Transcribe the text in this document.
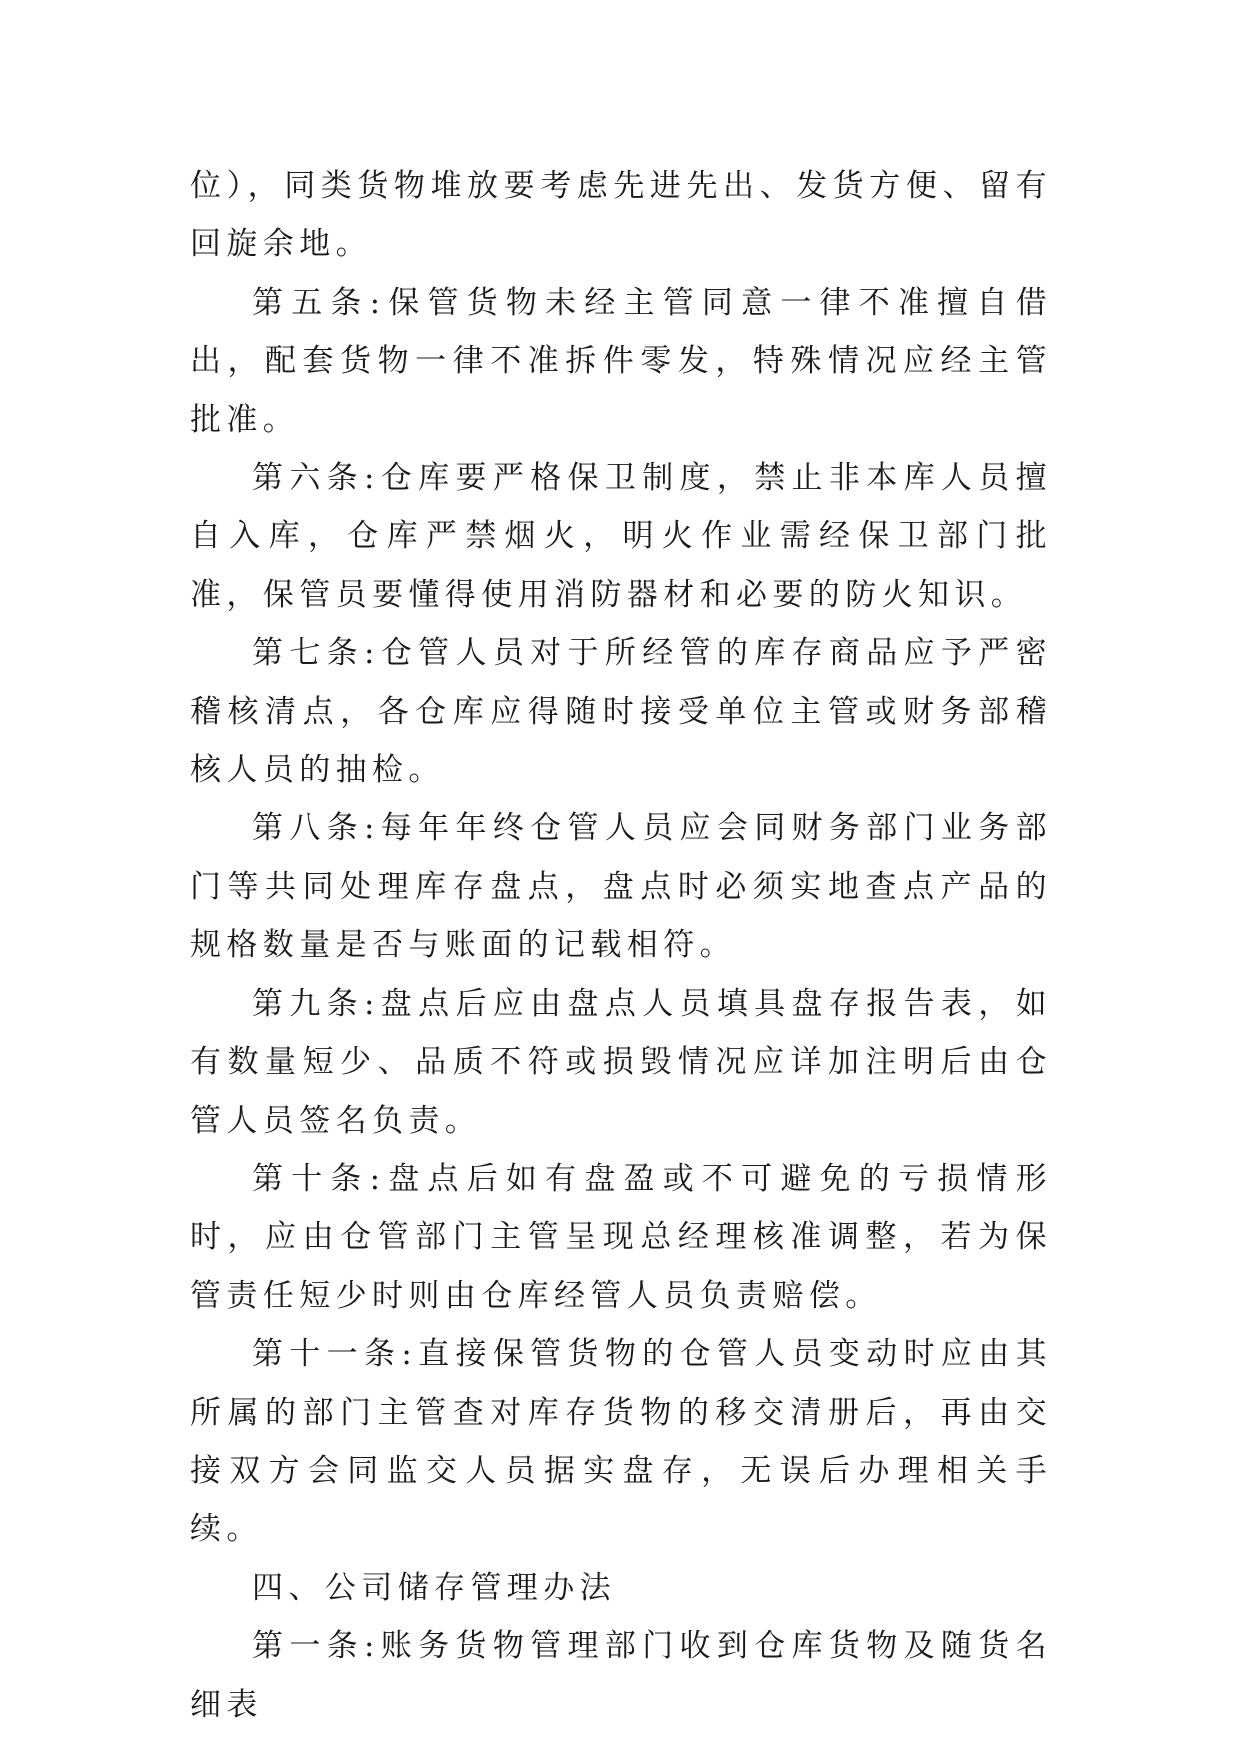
位），同类货物堆放要考虑先进先出、发货方便、留有回旋余地。

第五条:保管货物未经主管同意一律不准擅自借出，配套货物一律不准拆件零发，特殊情况应经主管批准。

第六条:仓库要严格保卫制度，禁止非本库人员擅自入库，仓库严禁烟火，明火作业需经保卫部门批准，保管员要懂得使用消防器材和必要的防火知识。

第七条:仓管人员对于所经管的库存商品应予严密稽核清点，各仓库应得随时接受单位主管或财务部稽核人员的抽检。

第八条:每年年终仓管人员应会同财务部门业务部门等共同处理库存盘点，盘点时必须实地查点产品的规格数量是否与账面的记载相符。

第九条:盘点后应由盘点人员填具盘存报告表，如有数量短少、品质不符或损毁情况应详加注明后由仓管人员签名负责。

第十条:盘点后如有盘盈或不可避免的亏损情形时，应由仓管部门主管呈现总经理核准调整，若为保管责任短少时则由仓库经管人员负责赔偿。

第十一条:直接保管货物的仓管人员变动时应由其所属的部门主管查对库存货物的移交清册后，再由交接双方会同监交人员据实盘存，无误后办理相关手续。

四、公司储存管理办法

第一条:账务货物管理部门收到仓库货物及随货名细表
